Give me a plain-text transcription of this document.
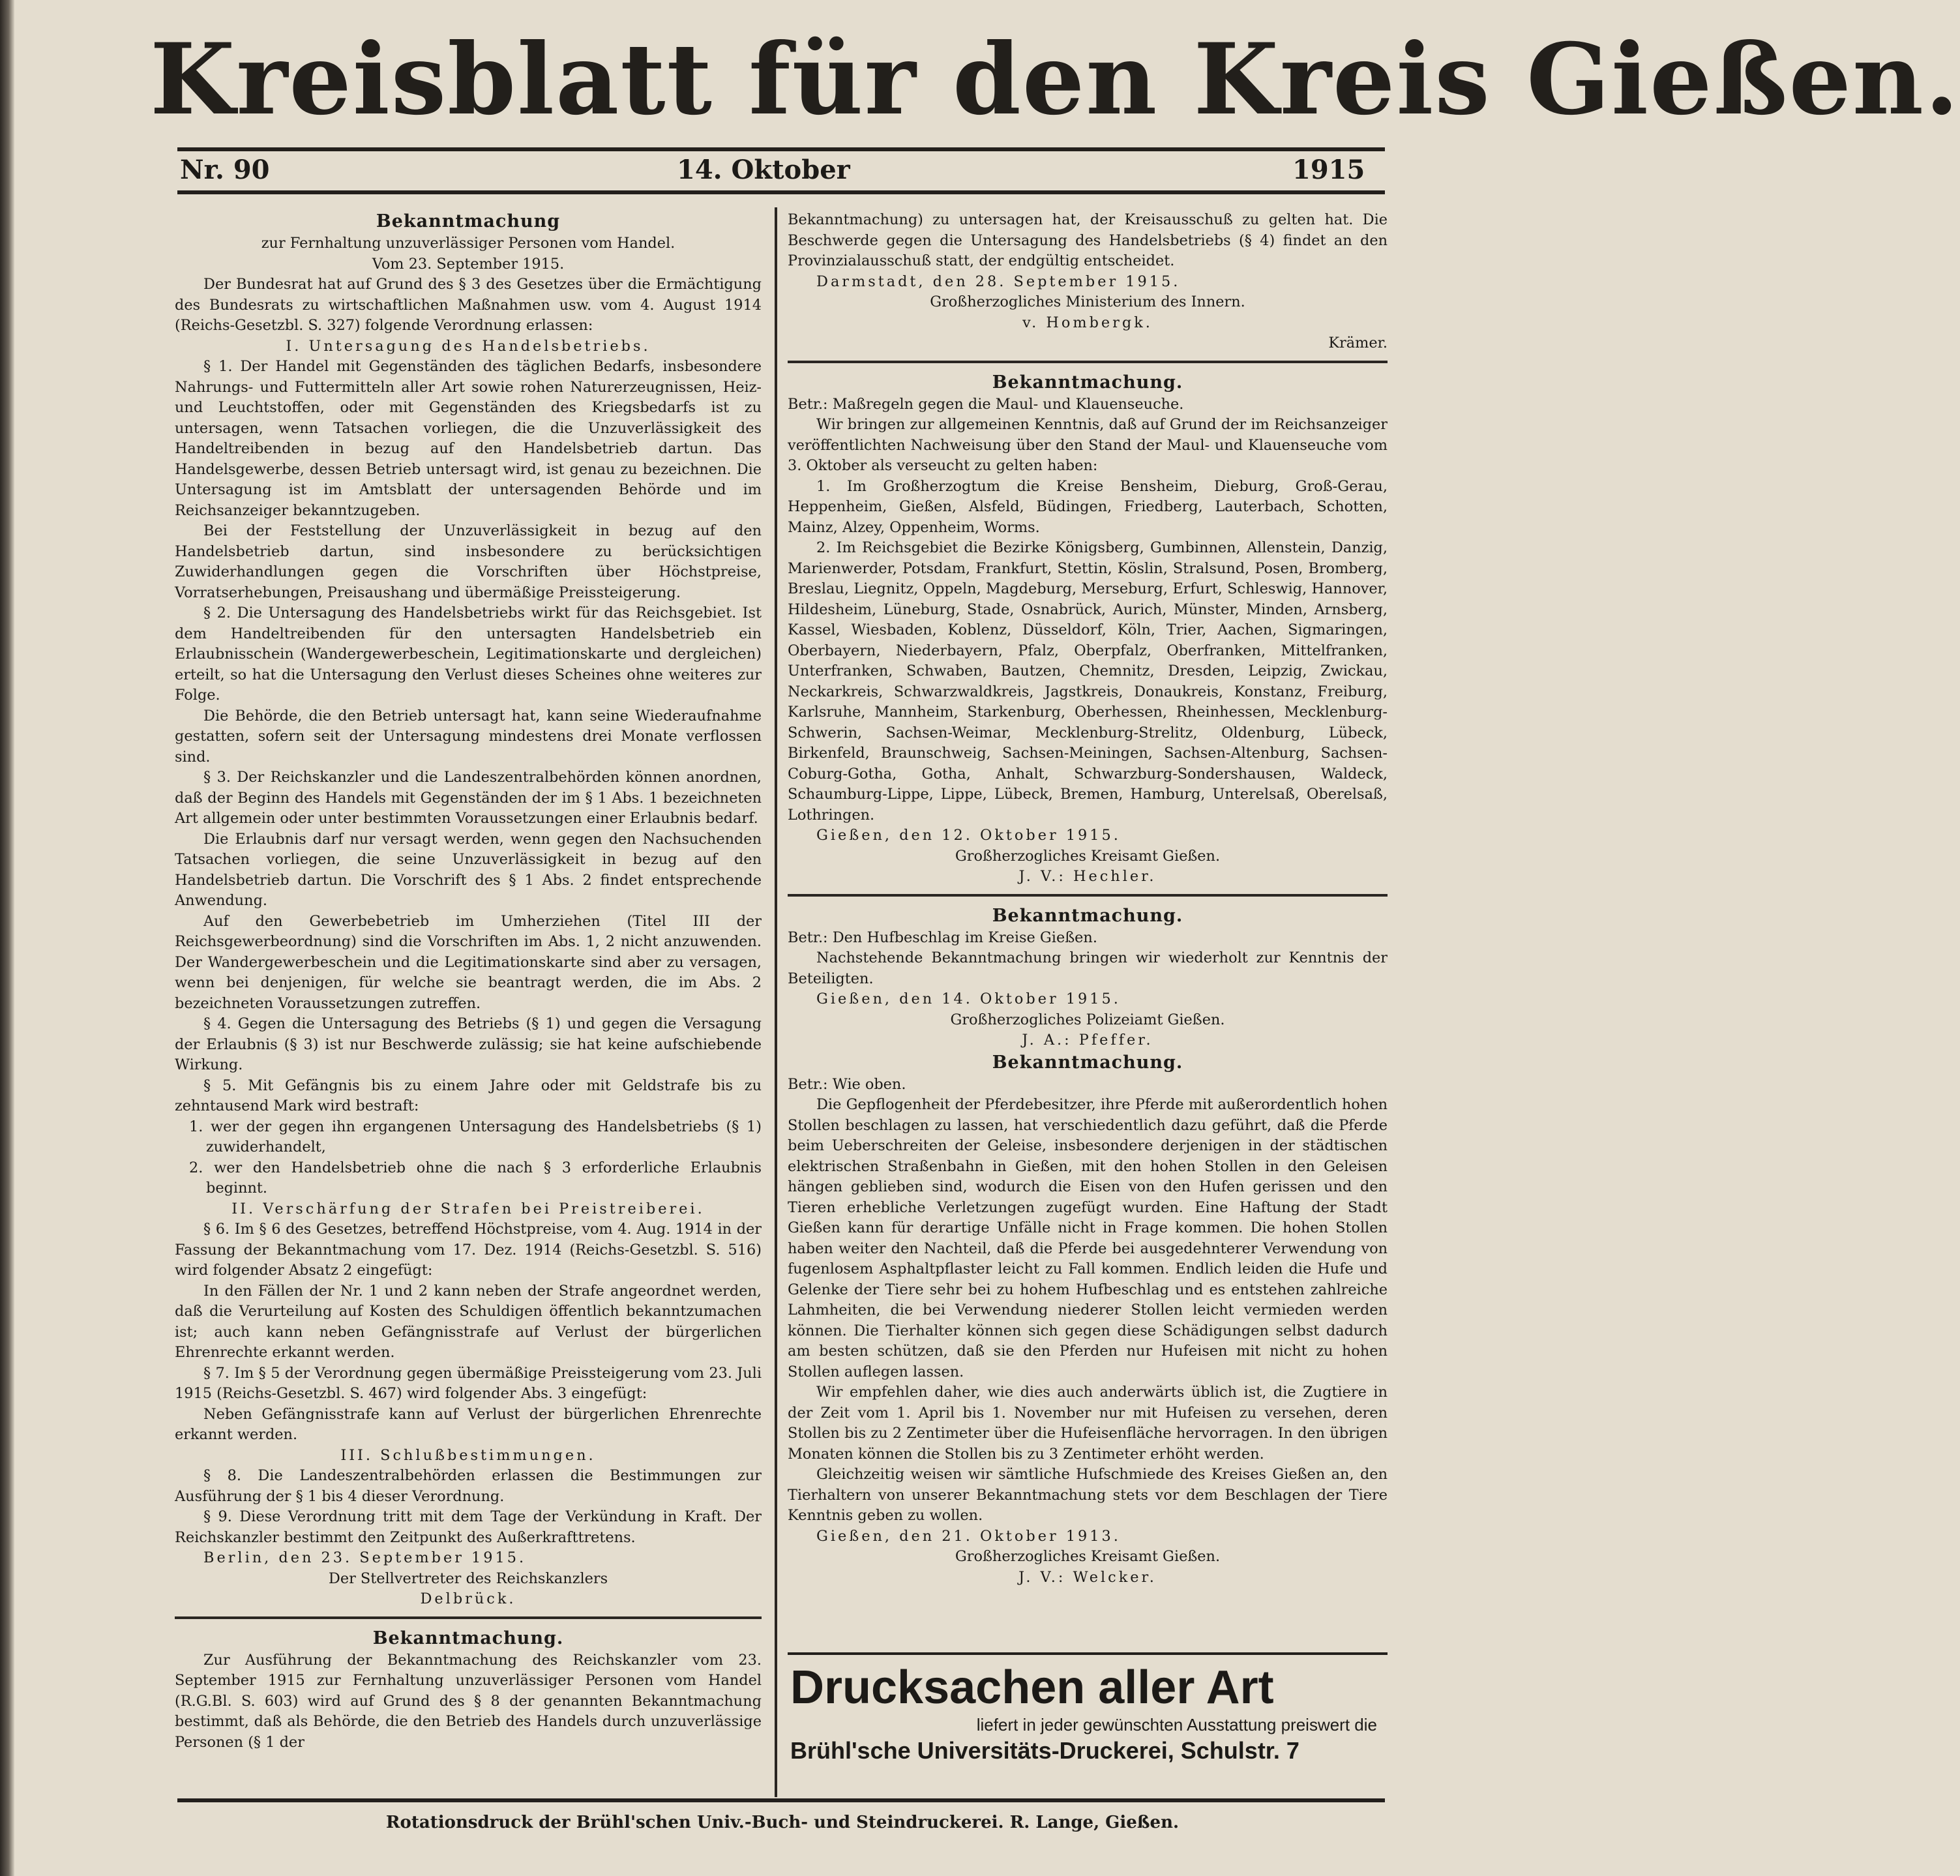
Kreisblatt für den Kreis Gießen.
Nr. 90	14. Oktober	1915

Bekanntmachung

zur Fernhaltung unzuverlässiger Personen vom Handel.

Vom 23. September 1915.

Der Bundesrat hat auf Grund des § 3 des Gesetzes über die Ermächtigung des Bundesrats zu wirtschaftlichen Maßnahmen usw. vom 4. August 1914 (Reichs-Gesetzbl. S. 327) folgende Verordnung erlassen:

I. Untersagung des Handelsbetriebs.

§ 1. Der Handel mit Gegenständen des täglichen Bedarfs, insbesondere Nahrungs- und Futtermitteln aller Art sowie rohen Naturerzeugnissen, Heiz- und Leuchtstoffen, oder mit Gegenständen des Kriegsbedarfs ist zu untersagen, wenn Tatsachen vorliegen, die die Unzuverlässigkeit des Handeltreibenden in bezug auf den Handelsbetrieb dartun. Das Handelsgewerbe, dessen Betrieb untersagt wird, ist genau zu bezeichnen. Die Untersagung ist im Amtsblatt der untersagenden Behörde und im Reichsanzeiger bekanntzugeben.

Bei der Feststellung der Unzuverlässigkeit in bezug auf den Handelsbetrieb dartun, sind insbesondere zu berücksichtigen Zuwiderhandlungen gegen die Vorschriften über Höchstpreise, Vorratserhebungen, Preisaushang und übermäßige Preissteigerung.

§ 2. Die Untersagung des Handelsbetriebs wirkt für das Reichsgebiet. Ist dem Handeltreibenden für den untersagten Handelsbetrieb ein Erlaubnisschein (Wandergewerbeschein, Legitimationskarte und dergleichen) erteilt, so hat die Untersagung den Verlust dieses Scheines ohne weiteres zur Folge.

Die Behörde, die den Betrieb untersagt hat, kann seine Wiederaufnahme gestatten, sofern seit der Untersagung mindestens drei Monate verflossen sind.

§ 3. Der Reichskanzler und die Landeszentralbehörden können anordnen, daß der Beginn des Handels mit Gegenständen der im § 1 Abs. 1 bezeichneten Art allgemein oder unter bestimmten Voraussetzungen einer Erlaubnis bedarf.

Die Erlaubnis darf nur versagt werden, wenn gegen den Nachsuchenden Tatsachen vorliegen, die seine Unzuverlässigkeit in bezug auf den Handelsbetrieb dartun. Die Vorschrift des § 1 Abs. 2 findet entsprechende Anwendung.

Auf den Gewerbebetrieb im Umherziehen (Titel III der Reichsgewerbeordnung) sind die Vorschriften im Abs. 1, 2 nicht anzuwenden. Der Wandergewerbeschein und die Legitimationskarte sind aber zu versagen, wenn bei denjenigen, für welche sie beantragt werden, die im Abs. 2 bezeichneten Voraussetzungen zutreffen.

§ 4. Gegen die Untersagung des Betriebs (§ 1) und gegen die Versagung der Erlaubnis (§ 3) ist nur Beschwerde zulässig; sie hat keine aufschiebende Wirkung.

§ 5. Mit Gefängnis bis zu einem Jahre oder mit Geldstrafe bis zu zehntausend Mark wird bestraft:

1. wer der gegen ihn ergangenen Untersagung des Handelsbetriebs (§ 1) zuwiderhandelt,

2. wer den Handelsbetrieb ohne die nach § 3 erforderliche Erlaubnis beginnt.

II. Verschärfung der Strafen bei Preistreiberei.

§ 6. Im § 6 des Gesetzes, betreffend Höchstpreise, vom 4. Aug. 1914 in der Fassung der Bekanntmachung vom 17. Dez. 1914 (Reichs-Gesetzbl. S. 516) wird folgender Absatz 2 eingefügt:

In den Fällen der Nr. 1 und 2 kann neben der Strafe angeordnet werden, daß die Verurteilung auf Kosten des Schuldigen öffentlich bekanntzumachen ist; auch kann neben Gefängnisstrafe auf Verlust der bürgerlichen Ehrenrechte erkannt werden.

§ 7. Im § 5 der Verordnung gegen übermäßige Preissteigerung vom 23. Juli 1915 (Reichs-Gesetzbl. S. 467) wird folgender Abs. 3 eingefügt:

Neben Gefängnisstrafe kann auf Verlust der bürgerlichen Ehrenrechte erkannt werden.

III. Schlußbestimmungen.

§ 8. Die Landeszentralbehörden erlassen die Bestimmungen zur Ausführung der § 1 bis 4 dieser Verordnung.

§ 9. Diese Verordnung tritt mit dem Tage der Verkündung in Kraft. Der Reichskanzler bestimmt den Zeitpunkt des Außerkrafttretens.

Berlin, den 23. September 1915.

Der Stellvertreter des Reichskanzlers

Delbrück.

Bekanntmachung.

Zur Ausführung der Bekanntmachung des Reichskanzler vom 23. September 1915 zur Fernhaltung unzuverlässiger Personen vom Handel (R.G.Bl. S. 603) wird auf Grund des § 8 der genannten Bekanntmachung bestimmt, daß als Behörde, die den Betrieb des Handels durch unzuverlässige Personen (§ 1 der

Bekanntmachung) zu untersagen hat, der Kreisausschuß zu gelten hat. Die Beschwerde gegen die Untersagung des Handelsbetriebs (§ 4) findet an den Provinzialausschuß statt, der endgültig entscheidet.

Darmstadt, den 28. September 1915.

Großherzogliches Ministerium des Innern.

v. Hombergk.

Krämer.

Bekanntmachung.

Betr.: Maßregeln gegen die Maul- und Klauenseuche.

Wir bringen zur allgemeinen Kenntnis, daß auf Grund der im Reichsanzeiger veröffentlichten Nachweisung über den Stand der Maul- und Klauenseuche vom 3. Oktober als verseucht zu gelten haben:

1. Im Großherzogtum die Kreise Bensheim, Dieburg, Groß-Gerau, Heppenheim, Gießen, Alsfeld, Büdingen, Friedberg, Lauterbach, Schotten, Mainz, Alzey, Oppenheim, Worms.

2. Im Reichsgebiet die Bezirke Königsberg, Gumbinnen, Allenstein, Danzig, Marienwerder, Potsdam, Frankfurt, Stettin, Köslin, Stralsund, Posen, Bromberg, Breslau, Liegnitz, Oppeln, Magdeburg, Merseburg, Erfurt, Schleswig, Hannover, Hildesheim, Lüneburg, Stade, Osnabrück, Aurich, Münster, Minden, Arnsberg, Kassel, Wiesbaden, Koblenz, Düsseldorf, Köln, Trier, Aachen, Sigmaringen, Oberbayern, Niederbayern, Pfalz, Oberpfalz, Oberfranken, Mittelfranken, Unterfranken, Schwaben, Bautzen, Chemnitz, Dresden, Leipzig, Zwickau, Neckarkreis, Schwarzwaldkreis, Jagstkreis, Donaukreis, Konstanz, Freiburg, Karlsruhe, Mannheim, Starkenburg, Oberhessen, Rheinhessen, Mecklenburg-Schwerin, Sachsen-Weimar, Mecklenburg-Strelitz, Oldenburg, Lübeck, Birkenfeld, Braunschweig, Sachsen-Meiningen, Sachsen-Altenburg, Sachsen-Coburg-Gotha, Gotha, Anhalt, Schwarzburg-Sondershausen, Waldeck, Schaumburg-Lippe, Lippe, Lübeck, Bremen, Hamburg, Unterelsaß, Oberelsaß, Lothringen.

Gießen, den 12. Oktober 1915.

Großherzogliches Kreisamt Gießen.

J. V.: Hechler.

Bekanntmachung.

Betr.: Den Hufbeschlag im Kreise Gießen.

Nachstehende Bekanntmachung bringen wir wiederholt zur Kenntnis der Beteiligten.

Gießen, den 14. Oktober 1915.

Großherzogliches Polizeiamt Gießen.

J. A.: Pfeffer.

Bekanntmachung.

Betr.: Wie oben.

Die Gepflogenheit der Pferdebesitzer, ihre Pferde mit außerordentlich hohen Stollen beschlagen zu lassen, hat verschiedentlich dazu geführt, daß die Pferde beim Ueberschreiten der Geleise, insbesondere derjenigen in der städtischen elektrischen Straßenbahn in Gießen, mit den hohen Stollen in den Geleisen hängen geblieben sind, wodurch die Eisen von den Hufen gerissen und den Tieren erhebliche Verletzungen zugefügt wurden. Eine Haftung der Stadt Gießen kann für derartige Unfälle nicht in Frage kommen. Die hohen Stollen haben weiter den Nachteil, daß die Pferde bei ausgedehnterer Verwendung von fugenlosem Asphaltpflaster leicht zu Fall kommen. Endlich leiden die Hufe und Gelenke der Tiere sehr bei zu hohem Hufbeschlag und es entstehen zahlreiche Lahmheiten, die bei Verwendung niederer Stollen leicht vermieden werden können. Die Tierhalter können sich gegen diese Schädigungen selbst dadurch am besten schützen, daß sie den Pferden nur Hufeisen mit nicht zu hohen Stollen auflegen lassen.

Wir empfehlen daher, wie dies auch anderwärts üblich ist, die Zugtiere in der Zeit vom 1. April bis 1. November nur mit Hufeisen zu versehen, deren Stollen bis zu 2 Zentimeter über die Hufeisenfläche hervorragen. In den übrigen Monaten können die Stollen bis zu 3 Zentimeter erhöht werden.

Gleichzeitig weisen wir sämtliche Hufschmiede des Kreises Gießen an, den Tierhaltern von unserer Bekanntmachung stets vor dem Beschlagen der Tiere Kenntnis geben zu wollen.

Gießen, den 21. Oktober 1913.

Großherzogliches Kreisamt Gießen.

J. V.: Welcker.

Drucksachen aller Art
liefert in jeder gewünschten Ausstattung preiswert die
Brühl'sche Universitäts-Druckerei, Schulstr. 7
Rotationsdruck der Brühl'schen Univ.-Buch- und Steindruckerei. R. Lange, Gießen.
